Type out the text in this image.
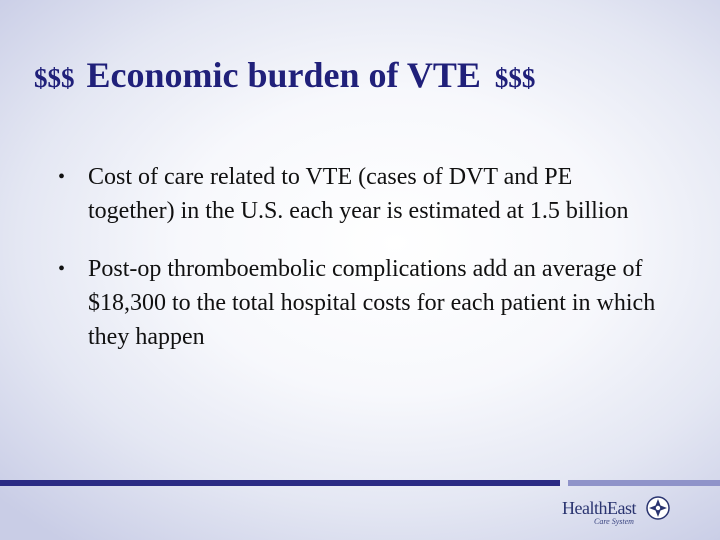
$$$ Economic burden of VTE $$$
• Cost of care related to VTE (cases of DVT and PE together) in the U.S. each year is estimated at 1.5 billion
• Post-op thromboembolic complications add an average of $18,300 to the total hospital costs for each patient in which they happen
HealthEast
Care System
